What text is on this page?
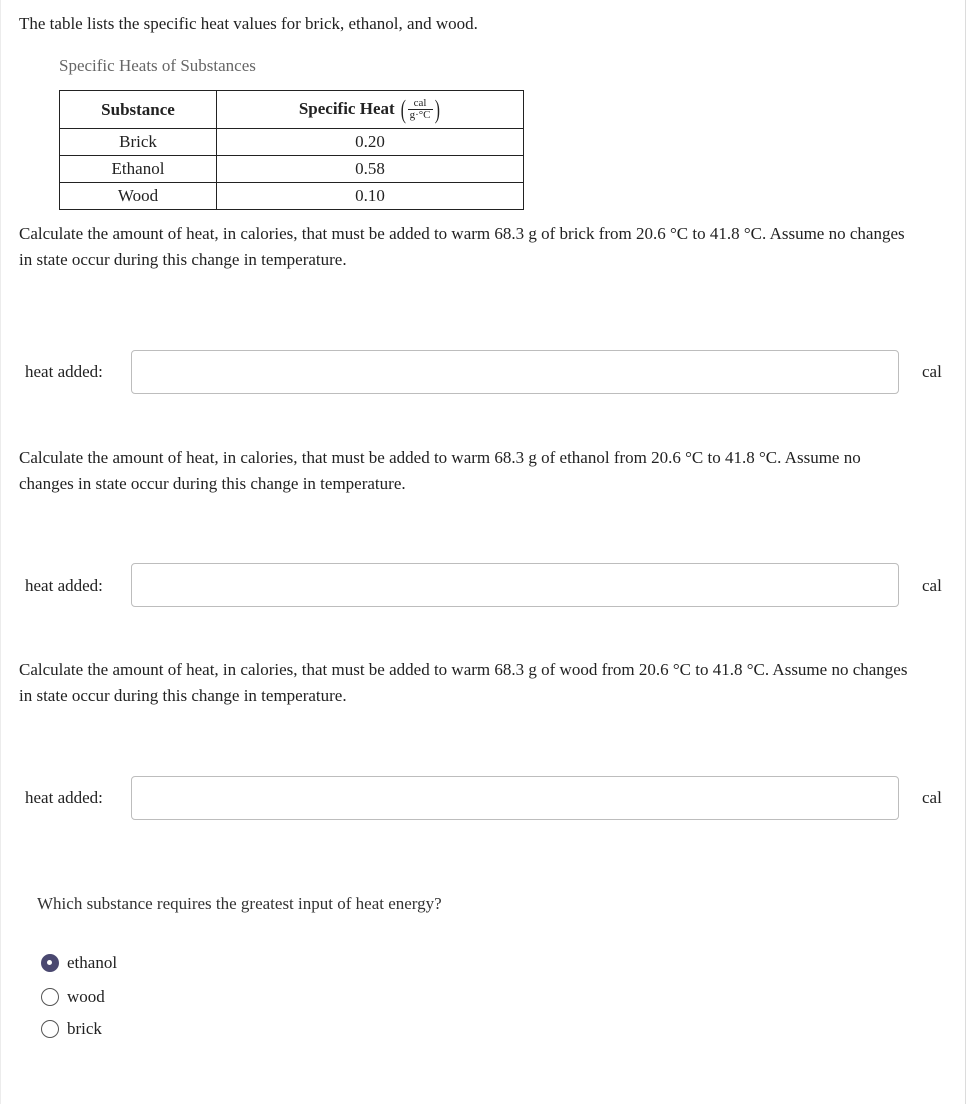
The table lists the specific heat values for brick, ethanol, and wood.
Specific Heats of Substances
Substance	Specific Heat ( $\frac{\text{cal}}{g\cdot^\circ C}$ )
Brick	0.20
Ethanol	0.58
Wood	0.10
Calculate the amount of heat, in calories, that must be added to warm 68.3 g of brick from 20.6 °C to 41.8 °C. Assume no changes in state occur during this change in temperature.
heat added:	cal
Calculate the amount of heat, in calories, that must be added to warm 68.3 g of ethanol from 20.6 °C to 41.8 °C. Assume no changes in state occur during this change in temperature.
heat added:	cal
Calculate the amount of heat, in calories, that must be added to warm 68.3 g of wood from 20.6 °C to 41.8 °C. Assume no changes in state occur during this change in temperature.
heat added:	cal
Which substance requires the greatest input of heat energy?
ethanol
wood
brick
